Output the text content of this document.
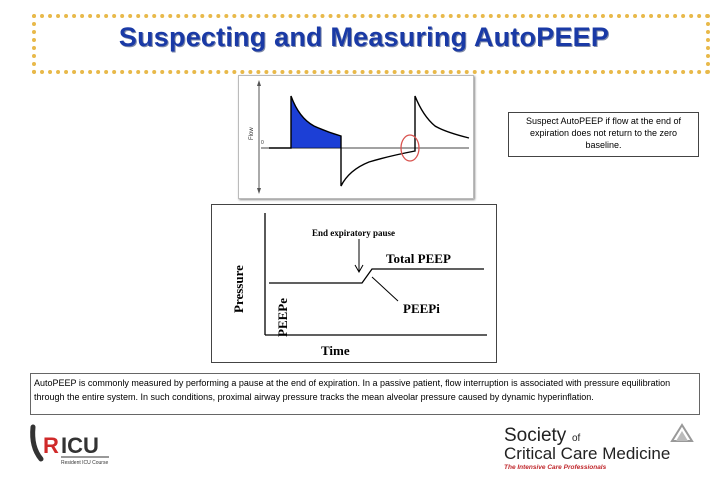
Suspecting and Measuring AutoPEEP
Flow
0
Suspect AutoPEEP if flow at the end of expiration does not return to the zero baseline.
Pressure
PEEPe
End expiratory pause
Total PEEP
PEEPi
Time
AutoPEEP is commonly measured by performing a pause at the end of expiration. In a passive patient, flow interruption is associated with pressure equilibration through the entire system. In such conditions, proximal airway pressure tracks the mean alveolar pressure caused by dynamic hyperinflation.
R ICU
Resident ICU Course
Society of
Critical Care Medicine
The Intensive Care Professionals
